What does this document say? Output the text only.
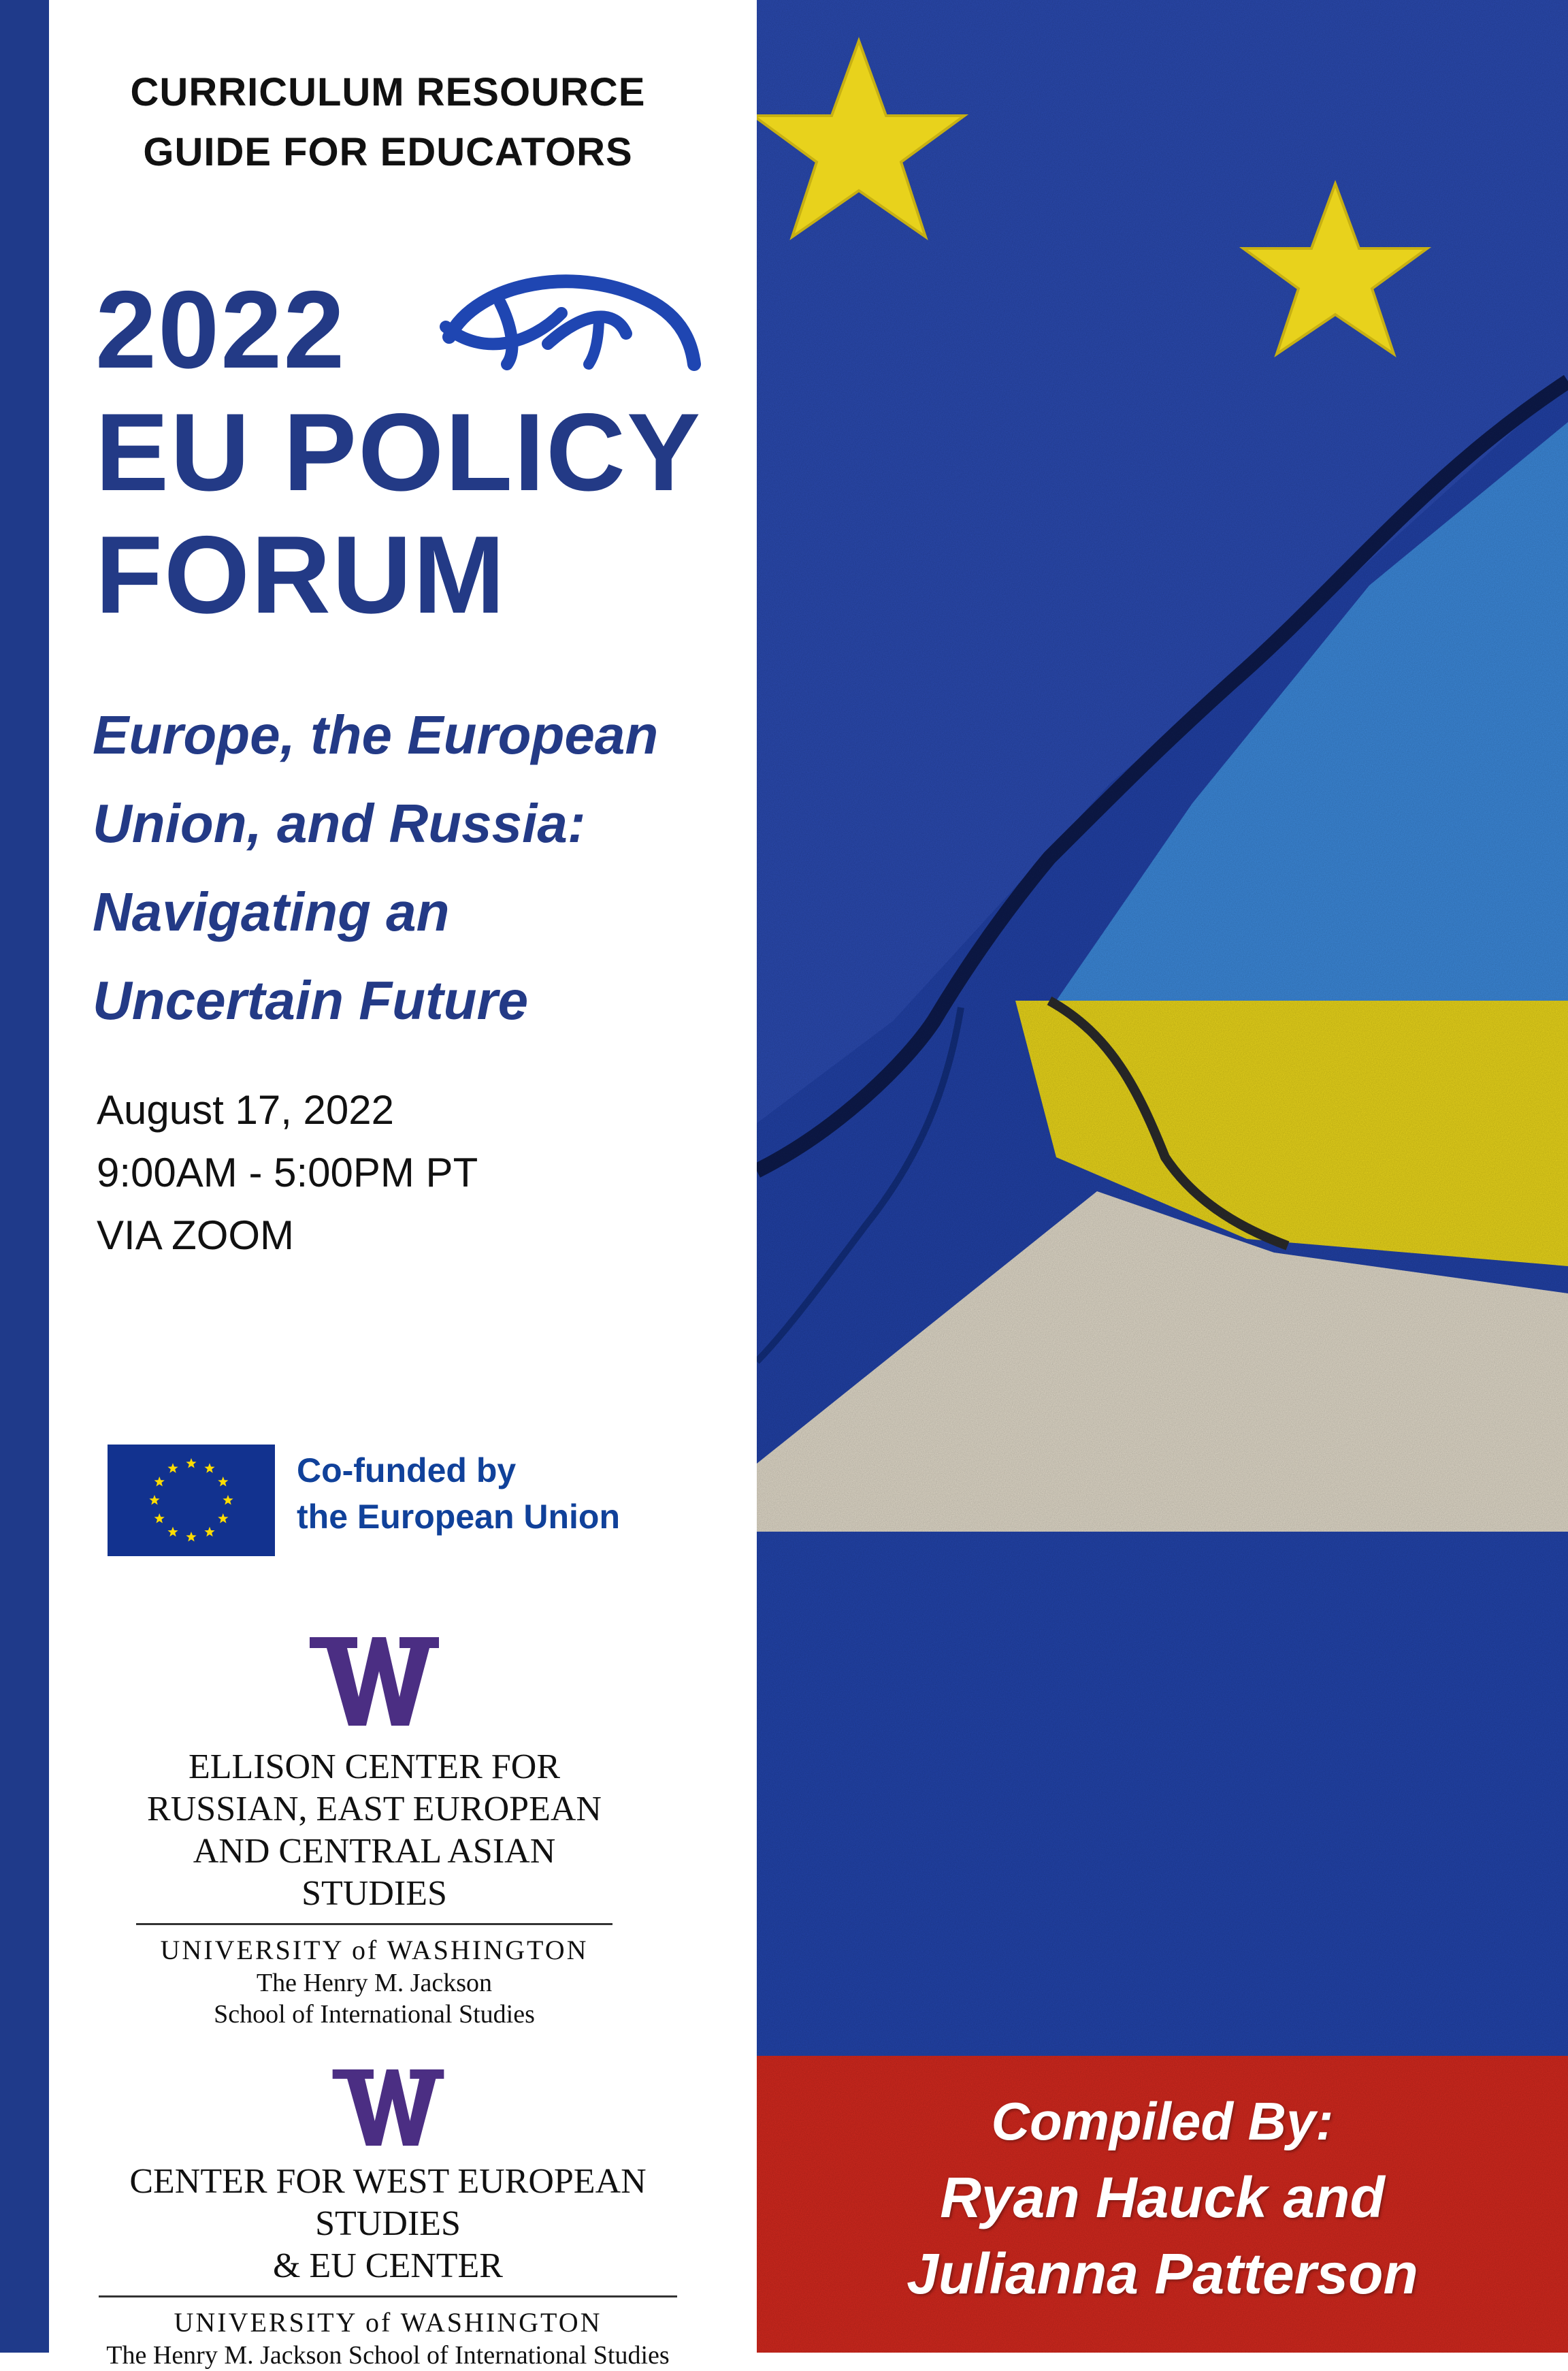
CURRICULUM RESOURCE
GUIDE FOR EDUCATORS
2022
EU POLICY
FORUM
Europe, the European
Union, and Russia:
Navigating an
Uncertain Future
August 17, 2022
9:00AM - 5:00PM PT
VIA ZOOM
Co-funded by
the European Union
ELLISON CENTER FOR
RUSSIAN, EAST EUROPEAN
AND CENTRAL ASIAN STUDIES
UNIVERSITY of WASHINGTON
The Henry M. Jackson
School of International Studies
CENTER FOR WEST EUROPEAN STUDIES
& EU CENTER
UNIVERSITY of WASHINGTON
The Henry M. Jackson School of International Studies
Compiled By:
Ryan Hauck and
Julianna Patterson
